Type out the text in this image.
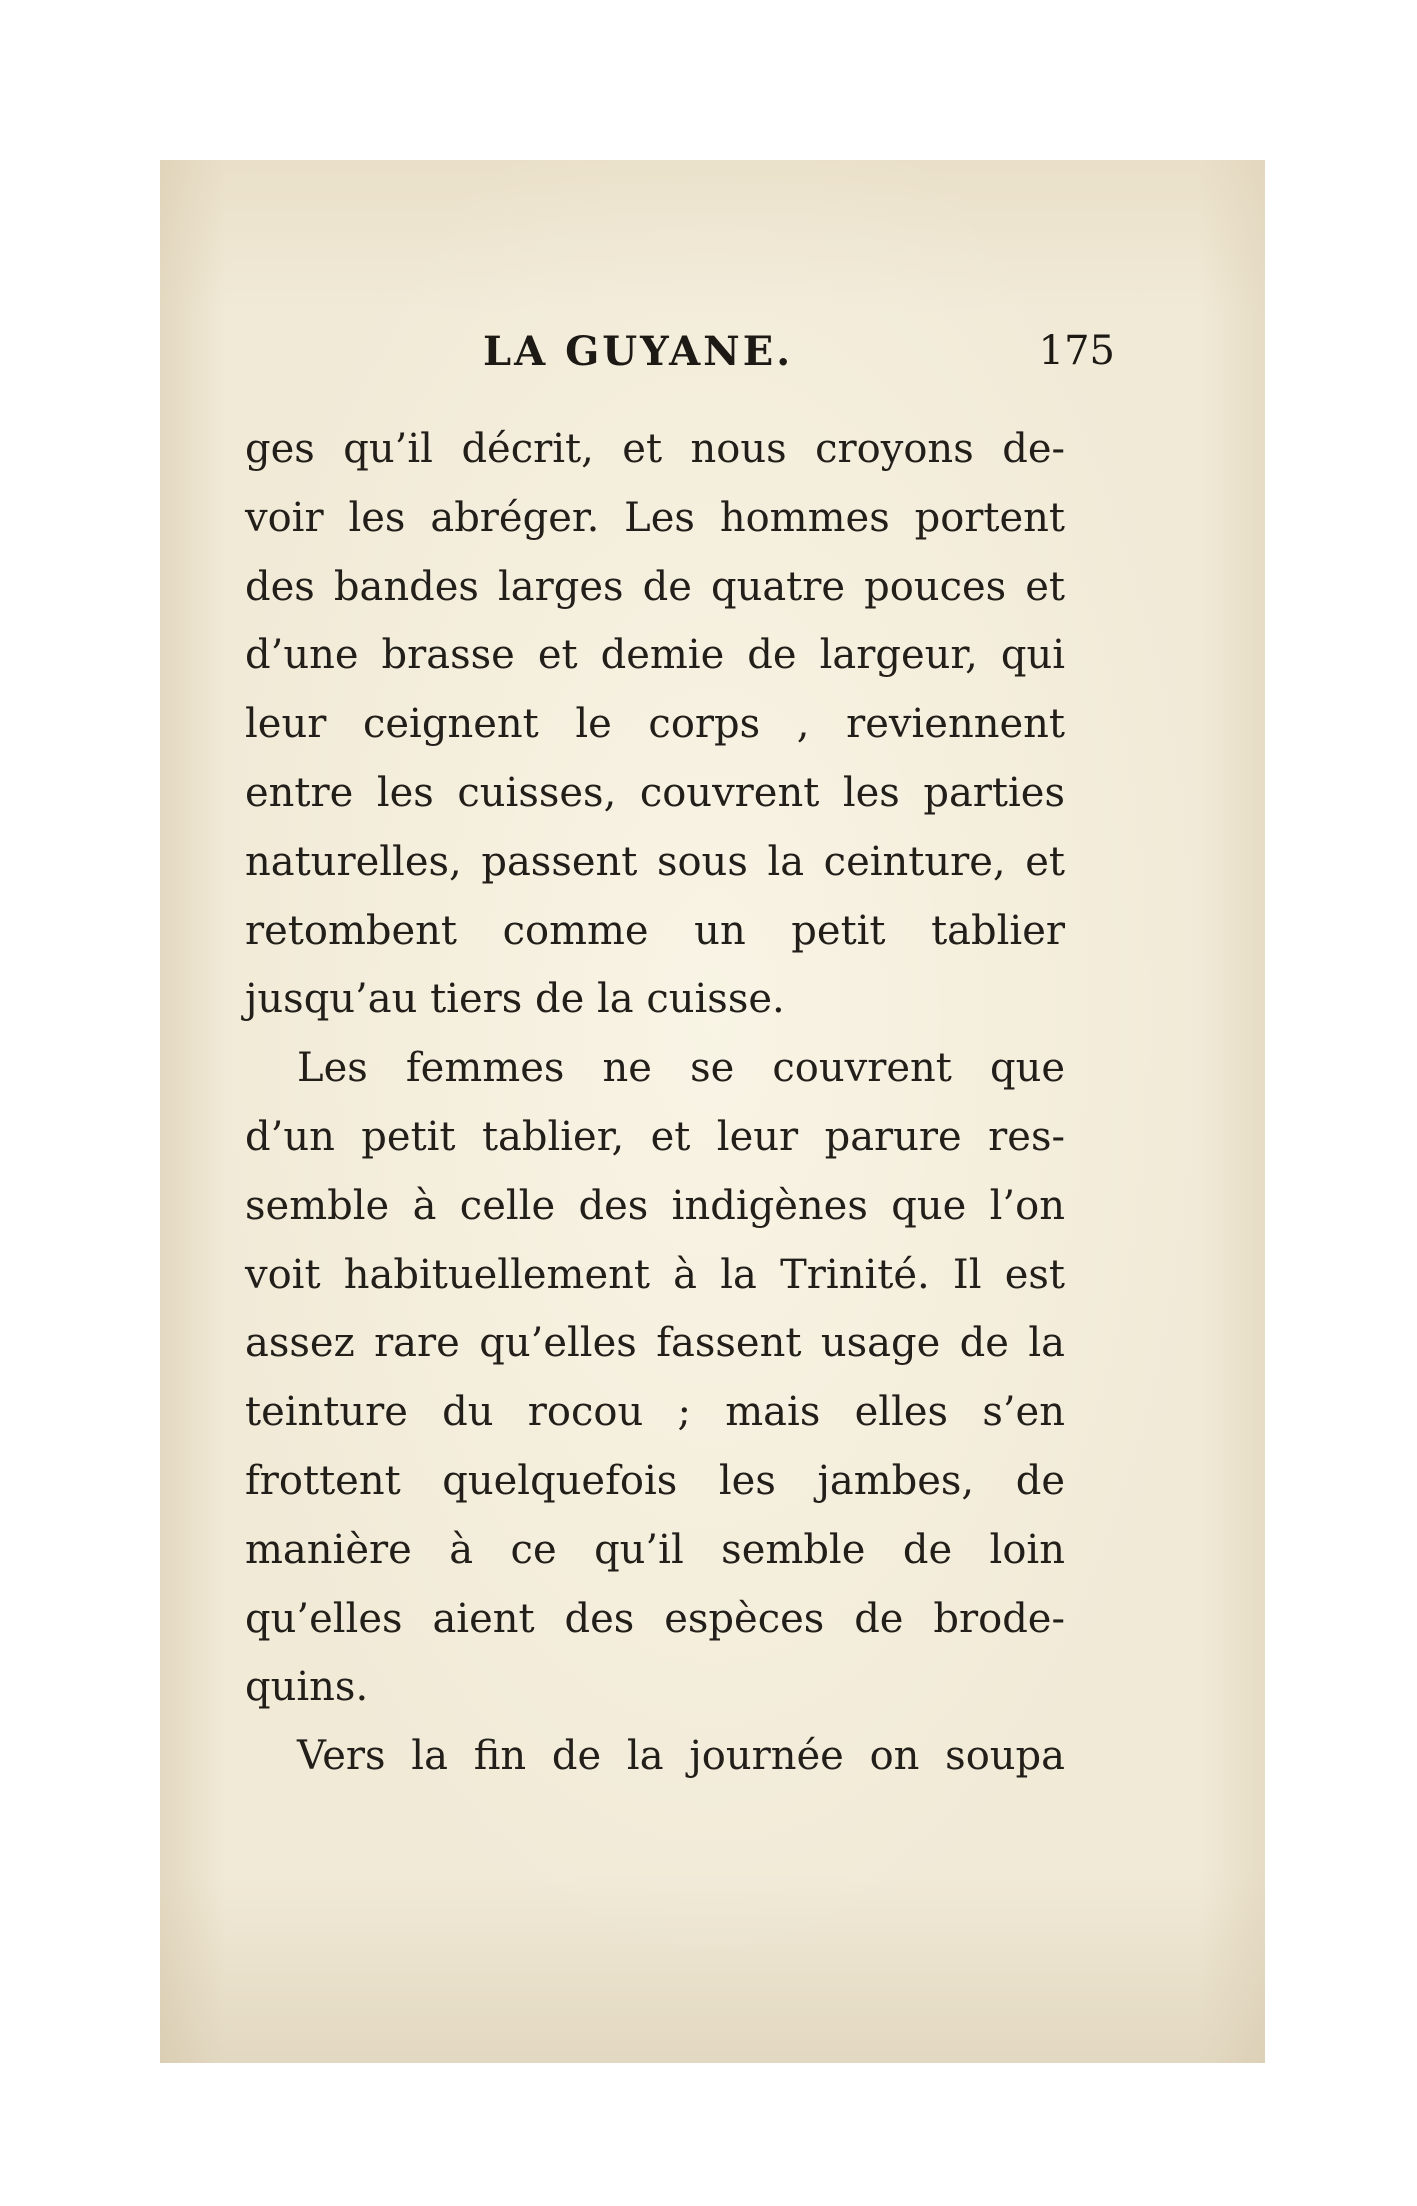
LA GUYANE.	175
ges qu’il décrit, et nous croyons de-
voir les abréger. Les hommes portent
des bandes larges de quatre pouces et
d’une brasse et demie de largeur, qui
leur ceignent le corps , reviennent
entre les cuisses, couvrent les parties
naturelles, passent sous la ceinture, et
retombent comme un petit tablier
jusqu’au tiers de la cuisse.
Les femmes ne se couvrent que
d’un petit tablier, et leur parure res-
semble à celle des indigènes que l’on
voit habituellement à la Trinité. Il est
assez rare qu’elles fassent usage de la
teinture du rocou ; mais elles s’en
frottent quelquefois les jambes, de
manière à ce qu’il semble de loin
qu’elles aient des espèces de brode-
quins.
Vers la fin de la journée on soupa
